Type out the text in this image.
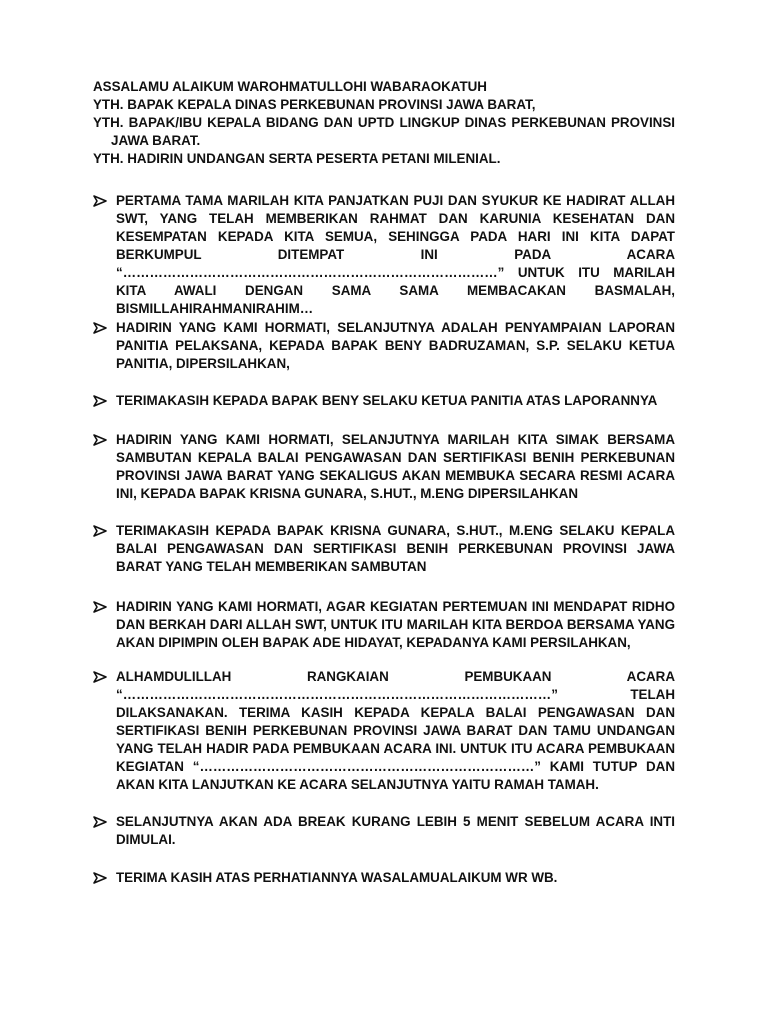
ASSALAMU ALAIKUM WAROHMATULLOHI WABARAOKATUH

YTH. BAPAK KEPALA DINAS PERKEBUNAN PROVINSI JAWA BARAT,

YTH. BAPAK/IBU KEPALA BIDANG DAN UPTD LINGKUP DINAS PERKEBUNAN PROVINSI JAWA BARAT.

YTH. HADIRIN UNDANGAN SERTA PESERTA PETANI MILENIAL.

PERTAMA TAMA MARILAH KITA PANJATKAN PUJI DAN SYUKUR KE HADIRAT ALLAH SWT, YANG TELAH MEMBERIKAN RAHMAT DAN KARUNIA KESEHATAN DAN KESEMPATAN KEPADA KITA SEMUA, SEHINGGA PADA HARI INI KITA DAPAT BERKUMPUL DITEMPAT INI PADA ACARA “…………………………………………………………………………” UNTUK ITU MARILAH KITA AWALI DENGAN SAMA SAMA MEMBACAKAN BASMALAH, BISMILLAHIRAHMANIRAHIM…

HADIRIN YANG KAMI HORMATI, SELANJUTNYA ADALAH PENYAMPAIAN LAPORAN PANITIA PELAKSANA, KEPADA BAPAK BENY BADRUZAMAN, S.P. SELAKU KETUA PANITIA, DIPERSILAHKAN,

TERIMAKASIH KEPADA BAPAK BENY SELAKU KETUA PANITIA ATAS LAPORANNYA

HADIRIN YANG KAMI HORMATI, SELANJUTNYA MARILAH KITA SIMAK BERSAMA SAMBUTAN KEPALA BALAI PENGAWASAN DAN SERTIFIKASI BENIH PERKEBUNAN PROVINSI JAWA BARAT YANG SEKALIGUS AKAN MEMBUKA SECARA RESMI ACARA INI, KEPADA BAPAK KRISNA GUNARA, S.HUT., M.ENG DIPERSILAHKAN

TERIMAKASIH KEPADA BAPAK KRISNA GUNARA, S.HUT., M.ENG SELAKU KEPALA BALAI PENGAWASAN DAN SERTIFIKASI BENIH PERKEBUNAN PROVINSI JAWA BARAT YANG TELAH MEMBERIKAN SAMBUTAN

HADIRIN YANG KAMI HORMATI, AGAR KEGIATAN PERTEMUAN INI MENDAPAT RIDHO DAN BERKAH DARI ALLAH SWT, UNTUK ITU MARILAH KITA BERDOA BERSAMA YANG AKAN DIPIMPIN OLEH BAPAK ADE HIDAYAT, KEPADANYA KAMI PERSILAHKAN,

ALHAMDULILLAH RANGKAIAN PEMBUKAAN ACARA “……………………………………………………………………………………” TELAH DILAKSANAKAN. TERIMA KASIH KEPADA KEPALA BALAI PENGAWASAN DAN SERTIFIKASI BENIH PERKEBUNAN PROVINSI JAWA BARAT DAN TAMU UNDANGAN YANG TELAH HADIR PADA PEMBUKAAN ACARA INI. UNTUK ITU ACARA PEMBUKAAN KEGIATAN “…………………………………………………………………” KAMI TUTUP DAN AKAN KITA LANJUTKAN KE ACARA SELANJUTNYA YAITU RAMAH TAMAH.

SELANJUTNYA AKAN ADA BREAK KURANG LEBIH 5 MENIT SEBELUM ACARA INTI DIMULAI.

TERIMA KASIH ATAS PERHATIANNYA WASALAMUALAIKUM WR WB.
